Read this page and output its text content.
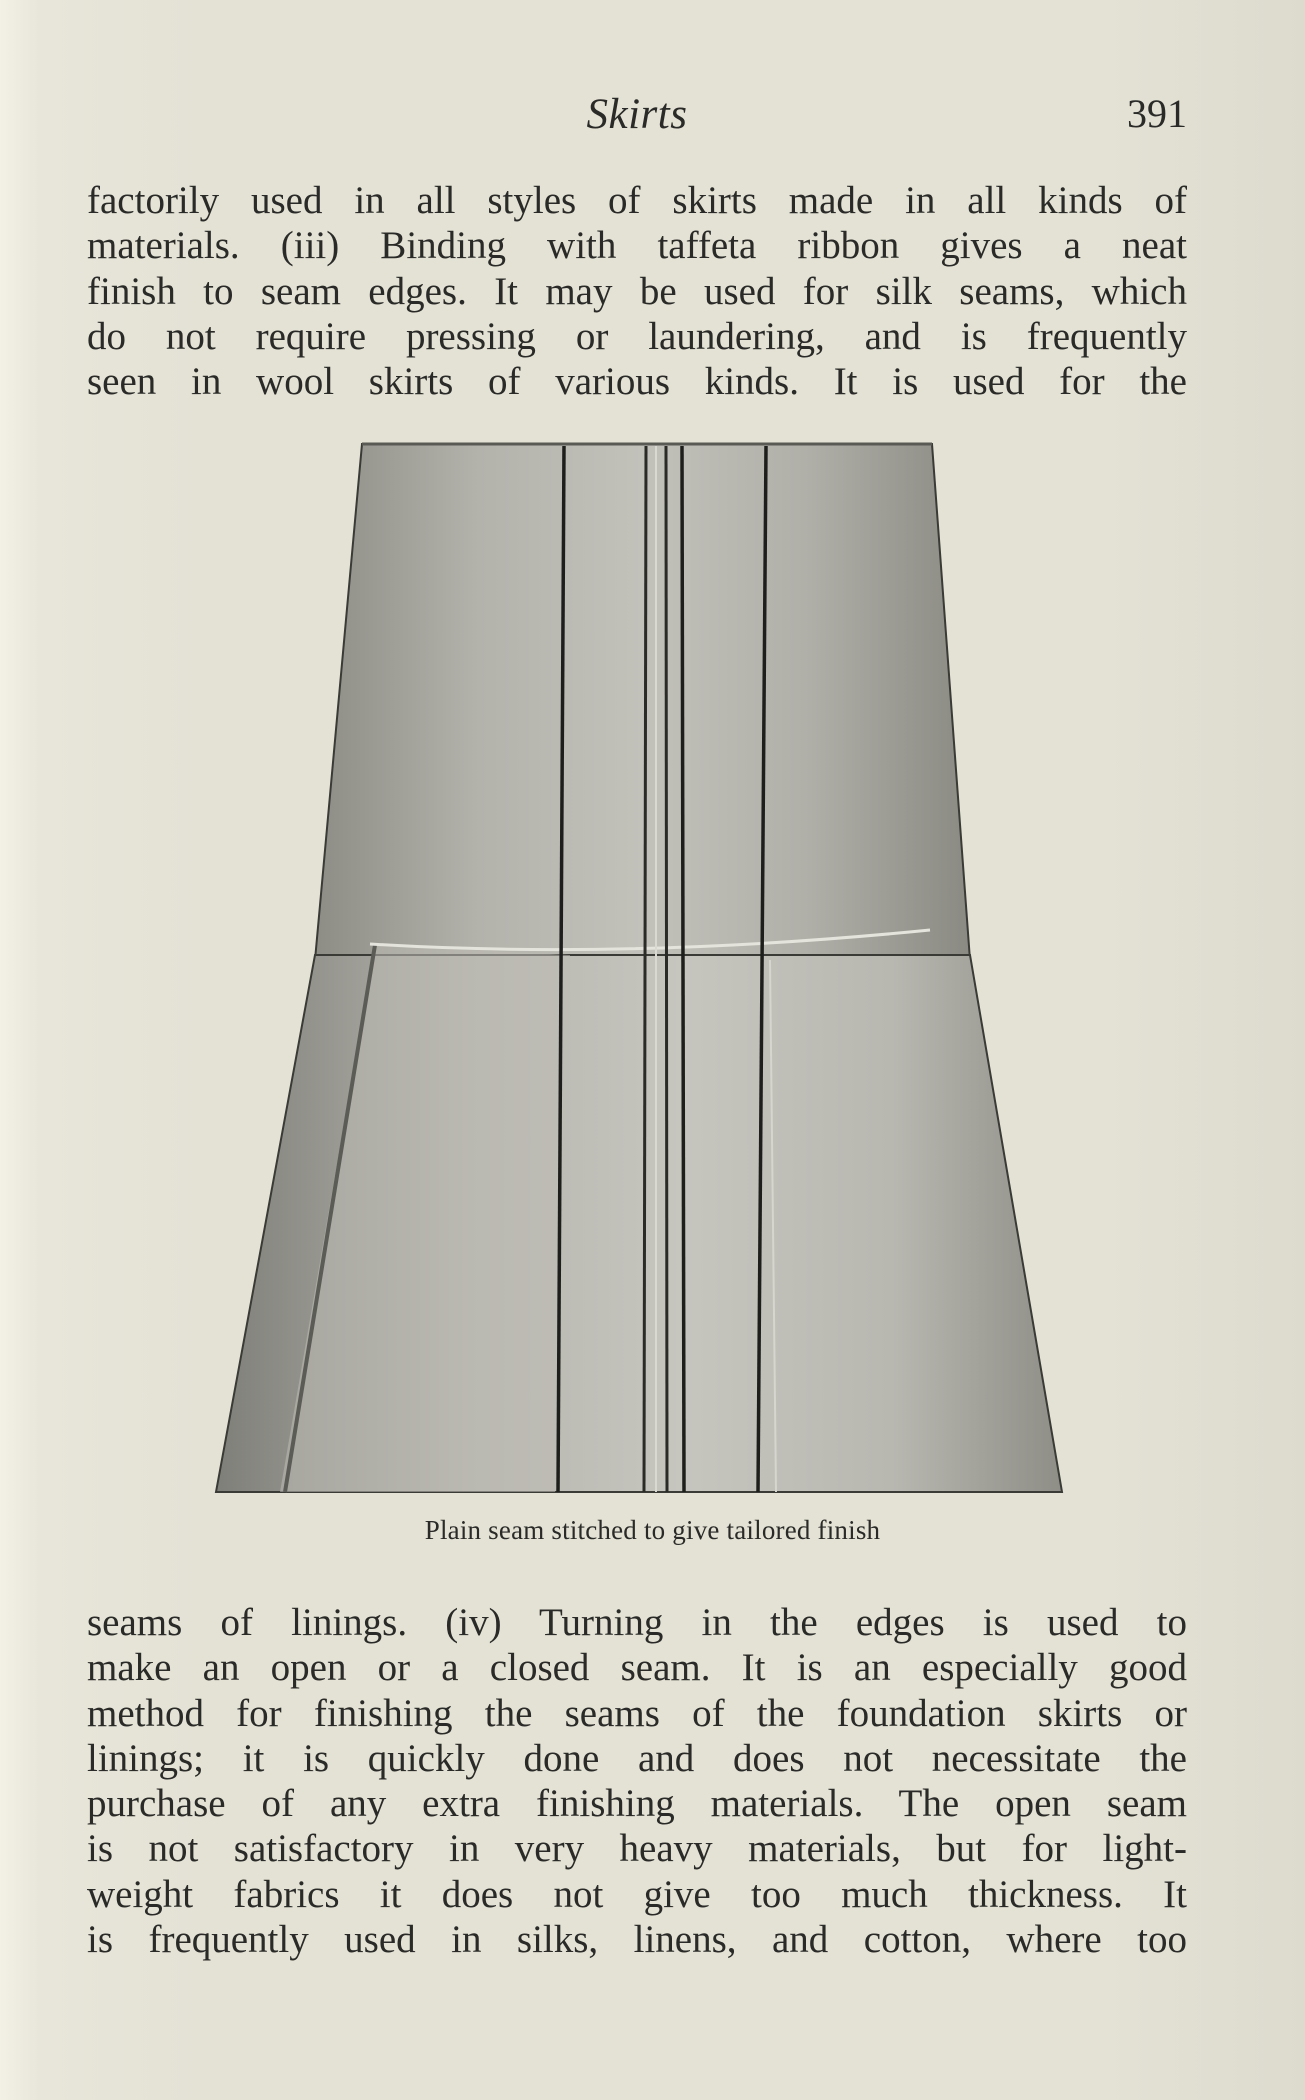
Skirts	391

factorily used in all styles of skirts made in all kinds of
materials. (iii) Binding with taffeta ribbon gives a neat
finish to seam edges. It may be used for silk seams, which
do not require pressing or laundering, and is frequently
seen in wool skirts of various kinds. It is used for the

Plain seam stitched to give tailored finish

seams of linings. (iv) Turning in the edges is used to
make an open or a closed seam. It is an especially good
method for finishing the seams of the foundation skirts or
linings; it is quickly done and does not necessitate the
purchase of any extra finishing materials. The open seam
is not satisfactory in very heavy materials, but for light-
weight fabrics it does not give too much thickness. It
is frequently used in silks, linens, and cotton, where too
